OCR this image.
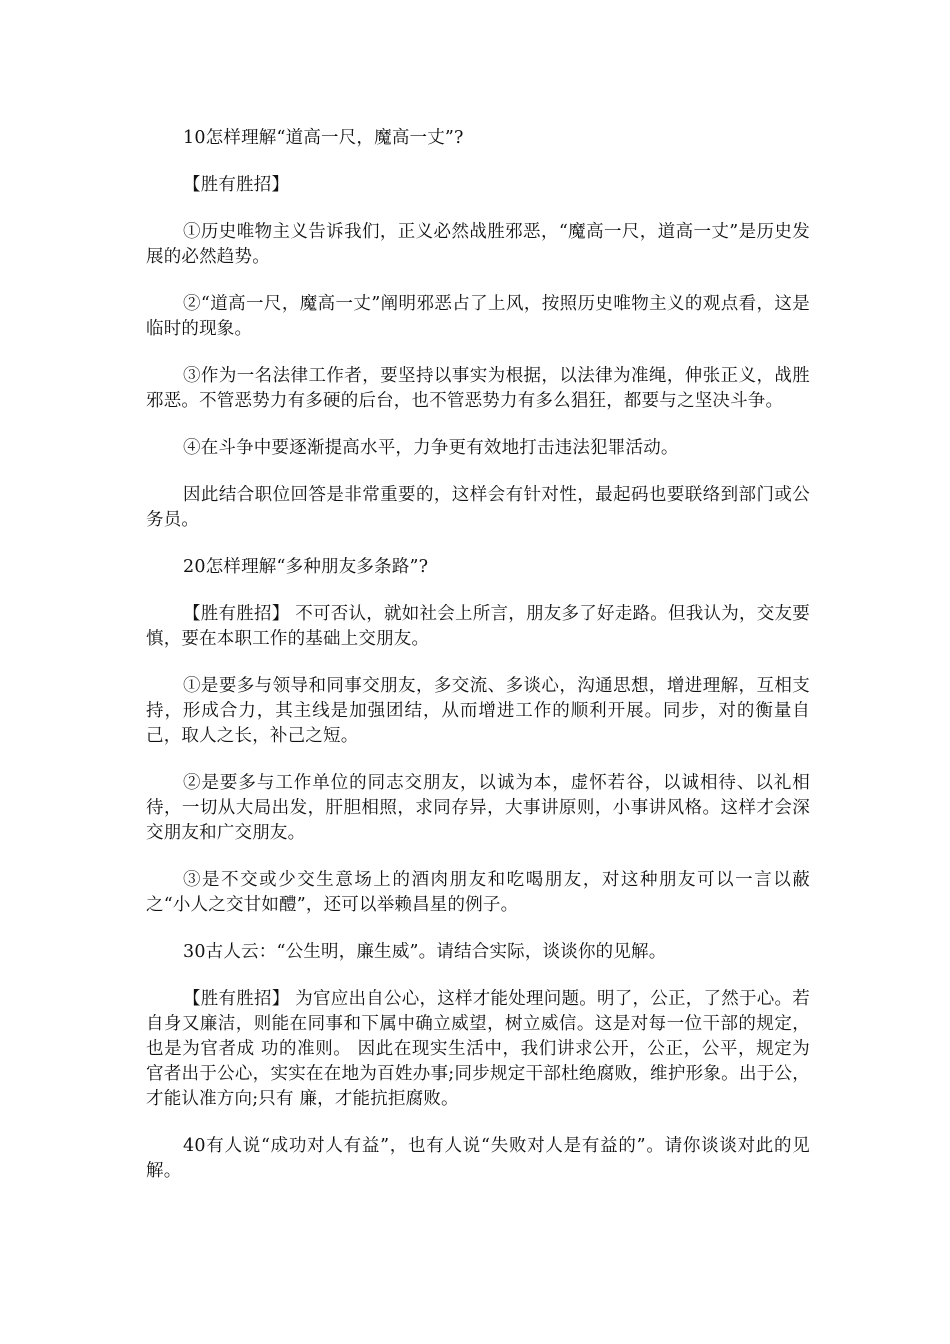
10怎样理解“道高一尺，魔高一丈”?

【胜有胜招】

①历史唯物主义告诉我们，正义必然战胜邪恶，“魔高一尺，道高一丈”是历史发展的必然趋势。

②“道高一尺，魔高一丈”阐明邪恶占了上风，按照历史唯物主义的观点看，这是临时的现象。

③作为一名法律工作者，要坚持以事实为根据，以法律为准绳，伸张正义，战胜邪恶。不管恶势力有多硬的后台，也不管恶势力有多么猖狂，都要与之坚决斗争。

④在斗争中要逐渐提高水平，力争更有效地打击违法犯罪活动。

因此结合职位回答是非常重要的，这样会有针对性，最起码也要联络到部门或公务员。

20怎样理解“多种朋友多条路”?

【胜有胜招】 不可否认，就如社会上所言，朋友多了好走路。但我认为，交友要慎，要在本职工作的基础上交朋友。

①是要多与领导和同事交朋友，多交流、多谈心，沟通思想，增进理解，互相支持，形成合力，其主线是加强团结，从而增进工作的顺利开展。同步，对的衡量自己，取人之长，补己之短。

②是要多与工作单位的同志交朋友，以诚为本，虚怀若谷，以诚相待、以礼相待，一切从大局出发，肝胆相照，求同存异，大事讲原则，小事讲风格。这样才会深交朋友和广交朋友。

③是不交或少交生意场上的酒肉朋友和吃喝朋友，对这种朋友可以一言以蔽之“小人之交甘如醴”，还可以举赖昌星的例子。

30古人云：“公生明，廉生威”。请结合实际，谈谈你的见解。

【胜有胜招】 为官应出自公心，这样才能处理问题。明了，公正，了然于心。若自身又廉洁，则能在同事和下属中确立威望，树立威信。这是对每一位干部的规定，也是为官者成 功的准则。 因此在现实生活中，我们讲求公开，公正，公平，规定为官者出于公心，实实在在地为百姓办事;同步规定干部杜绝腐败，维护形象。出于公，才能认准方向;只有 廉，才能抗拒腐败。

40有人说“成功对人有益”，也有人说“失败对人是有益的”。请你谈谈对此的见解。
